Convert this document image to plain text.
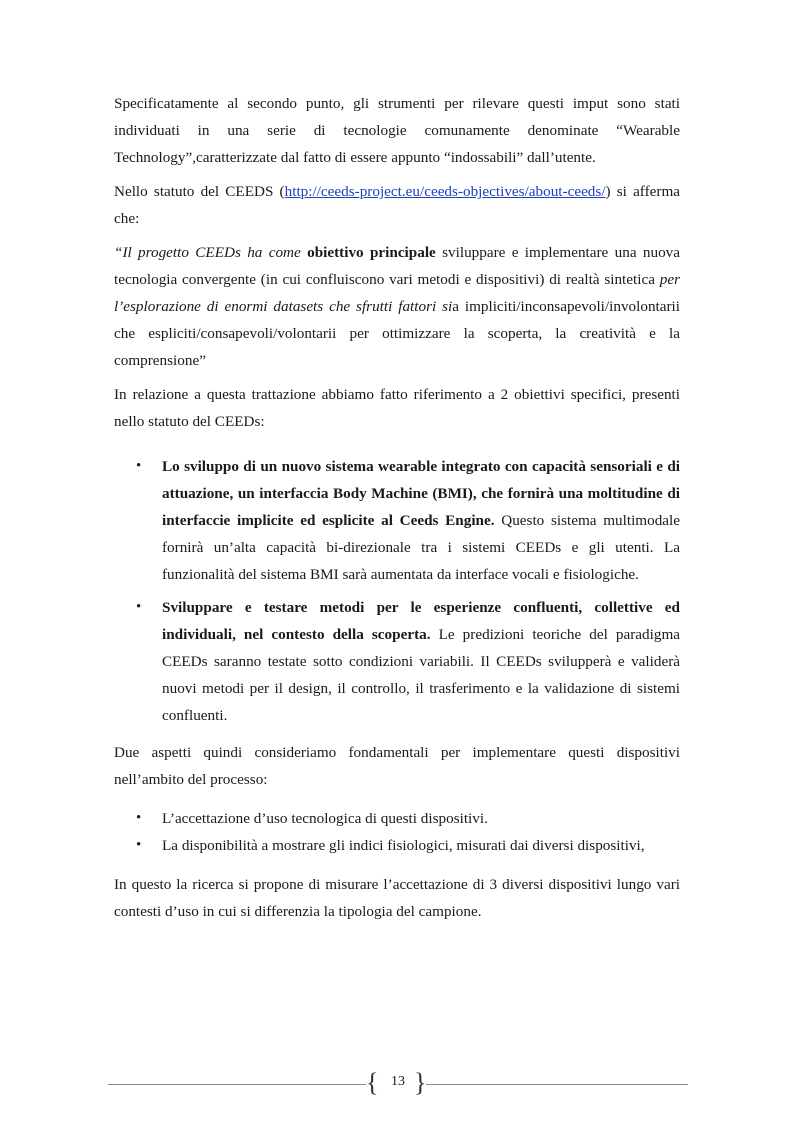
Specificatamente al secondo punto, gli strumenti per rilevare questi imput sono stati individuati in una serie di tecnologie comunamente denominate “Wearable Technology”,caratterizzate dal fatto di essere appunto “indossabili” dall’utente.

Nello statuto del CEEDS (http://ceeds-project.eu/ceeds-objectives/about-ceeds/) si afferma che:

“Il progetto CEEDs ha come obiettivo principale sviluppare e implementare una nuova tecnologia convergente (in cui confluiscono vari metodi e dispositivi) di realtà sintetica per l’esplorazione di enormi datasets che sfrutti fattori sia impliciti/inconsapevoli/involontarii che espliciti/consapevoli/volontarii per ottimizzare la scoperta, la creatività e la comprensione”

In relazione a questa trattazione abbiamo fatto riferimento a 2 obiettivi specifici, presenti nello statuto del CEEDs:

• Lo sviluppo di un nuovo sistema wearable integrato con capacità sensoriali e di attuazione, un interfaccia Body Machine (BMI), che fornirà una moltitudine di interfaccie implicite ed esplicite al Ceeds Engine. Questo sistema multimodale fornirà un’alta capacità bi-direzionale tra i sistemi CEEDs e gli utenti. La funzionalità del sistema BMI sarà aumentata da interface vocali e fisiologiche.
• Sviluppare e testare metodi per le esperienze confluenti, collettive ed individuali, nel contesto della scoperta. Le predizioni teoriche del paradigma CEEDs saranno testate sotto condizioni variabili. Il CEEDs svilupperà e validerà nuovi metodi per il design, il controllo, il trasferimento e la validazione di sistemi confluenti.

Due aspetti quindi consideriamo fondamentali per implementare questi dispositivi nell’ambito del processo:

• L’accettazione d’uso tecnologica di questi dispositivi.
• La disponibilità a mostrare gli indici fisiologici, misurati dai diversi dispositivi,

In questo la ricerca si propone di misurare l’accettazione di 3 diversi dispositivi lungo vari contesti d’uso in cui si differenzia la tipologia del campione.

{ 13 }
